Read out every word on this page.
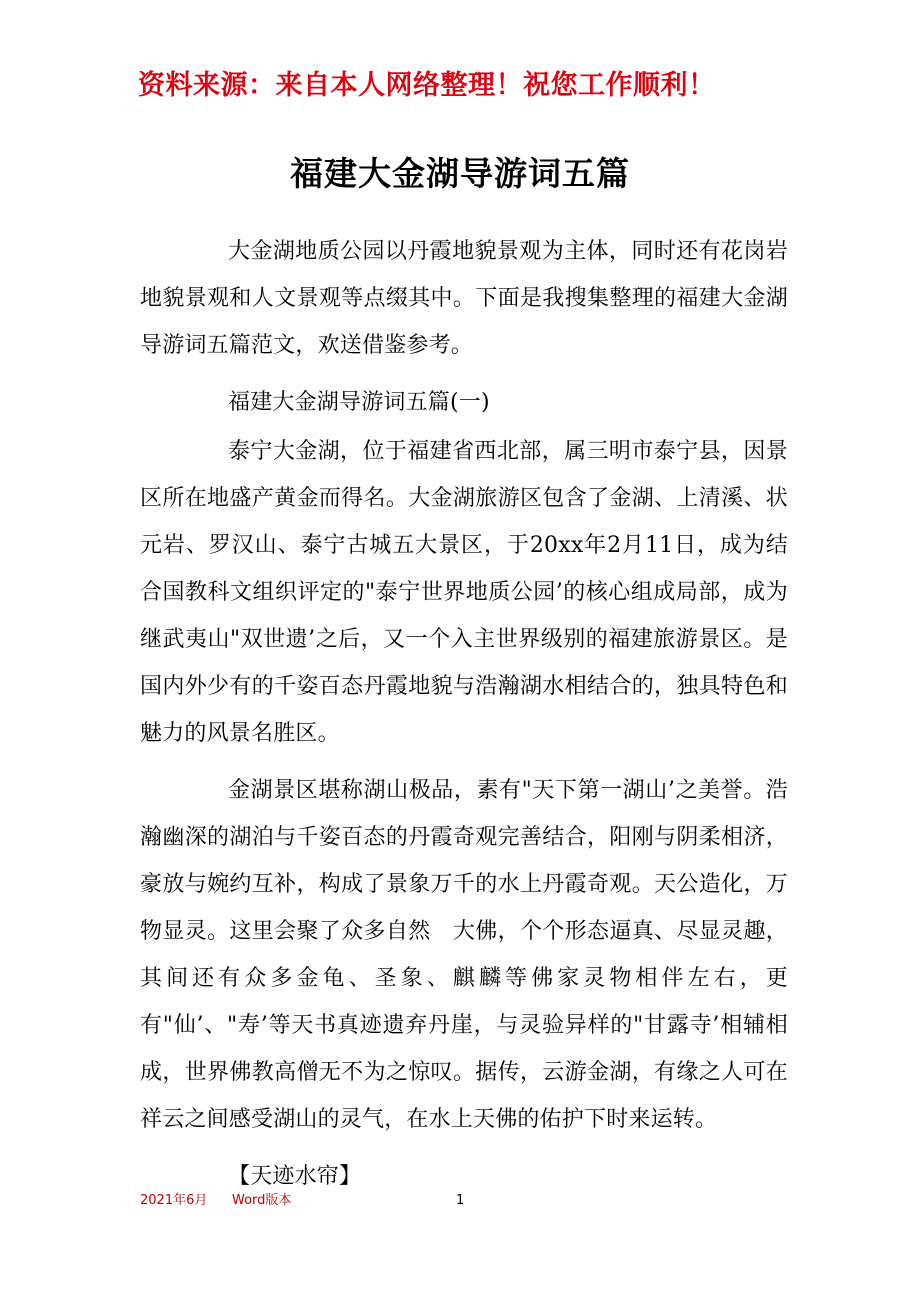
资料来源：来自本人网络整理！祝您工作顺利！
福建大金湖导游词五篇

大金湖地质公园以丹霞地貌景观为主体，同时还有花岗岩地貌景观和人文景观等点缀其中。下面是我搜集整理的福建大金湖导游词五篇范文，欢送借鉴参考。

福建大金湖导游词五篇(一)

泰宁大金湖，位于福建省西北部，属三明市泰宁县，因景区所在地盛产黄金而得名。大金湖旅游区包含了金湖、上清溪、状元岩、罗汉山、泰宁古城五大景区，于20xx年2月11日，成为结合国教科文组织评定的"泰宁世界地质公园’的核心组成局部，成为继武夷山"双世遗’之后，又一个入主世界级别的福建旅游景区。是国内外少有的千姿百态丹霞地貌与浩瀚湖水相结合的，独具特色和魅力的风景名胜区。

金湖景区堪称湖山极品，素有"天下第一湖山’之美誉。浩瀚幽深的湖泊与千姿百态的丹霞奇观完善结合，阳刚与阴柔相济，豪放与婉约互补，构成了景象万千的水上丹霞奇观。天公造化，万物显灵。这里会聚了众多自然　大佛，个个形态逼真、尽显灵趣，其间还有众多金龟、圣象、麒麟等佛家灵物相伴左右，更有"仙’、"寿’等天书真迹遗弃丹崖，与灵验异样的"甘露寺’相辅相成，世界佛教高僧无不为之惊叹。据传，云游金湖，有缘之人可在祥云之间感受湖山的灵气，在水上天佛的佑护下时来运转。

【天迹水帘】

2021年6月 Word版本	1
